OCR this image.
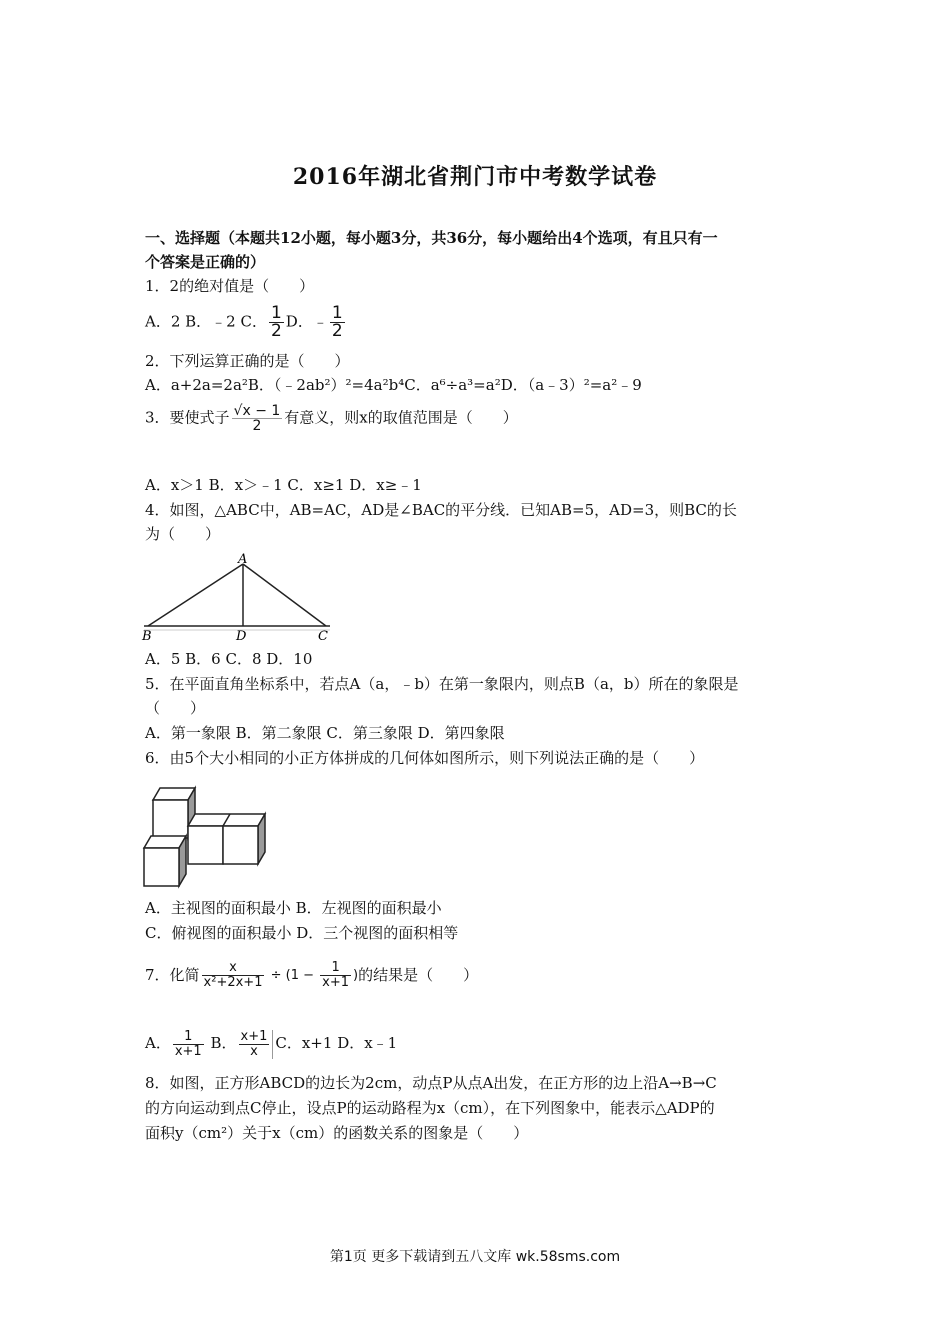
2016年湖北省荆门市中考数学试卷
一、选择题（本题共12小题，每小题3分，共36分，每小题给出4个选项，有且只有一
个答案是正确的）
1．2的绝对值是（　　）
A．2 B．﹣2 C． $\frac{1}{2}$ D．﹣ $\frac{1}{2}$
2．下列运算正确的是（　　）
A．a+2a=2a²B．（﹣2ab²）²=4a²b⁴C．a⁶÷a³=a²D．（a﹣3）²=a²﹣9
3．要使式子 $\frac{√x - 1}{2}$ 有意义，则x的取值范围是（　　）
A．x＞1 B．x＞﹣1 C．x≥1 D．x≥﹣1
4．如图，△ABC中，AB=AC，AD是∠BAC的平分线．已知AB=5，AD=3，则BC的长
为（　　）
A
B	D	C
A．5 B．6 C．8 D．10
5．在平面直角坐标系中，若点A（a，﹣b）在第一象限内，则点B（a，b）所在的象限是
（　　）
A．第一象限 B．第二象限 C．第三象限 D．第四象限
6．由5个大小相同的小正方体拼成的几何体如图所示，则下列说法正确的是（　　）
A．主视图的面积最小 B．左视图的面积最小
C．俯视图的面积最小 D．三个视图的面积相等
7．化简 $\frac{x}{\text{x²+2x+1}} \div (1 - \frac{1}{x+1}$ )的结果是（　　）
A． $\frac{1}{x+1}$ B． $\frac{x+1}{x}$ C．x+1 D．x﹣1
8．如图，正方形ABCD的边长为2cm，动点P从点A出发，在正方形的边上沿A→B→C
的方向运动到点C停止，设点P的运动路程为x（cm），在下列图象中，能表示△ADP的
面积y（cm²）关于x（cm）的函数关系的图象是（　　）
第1页 更多下载请到五八文库 wk.58sms.com
